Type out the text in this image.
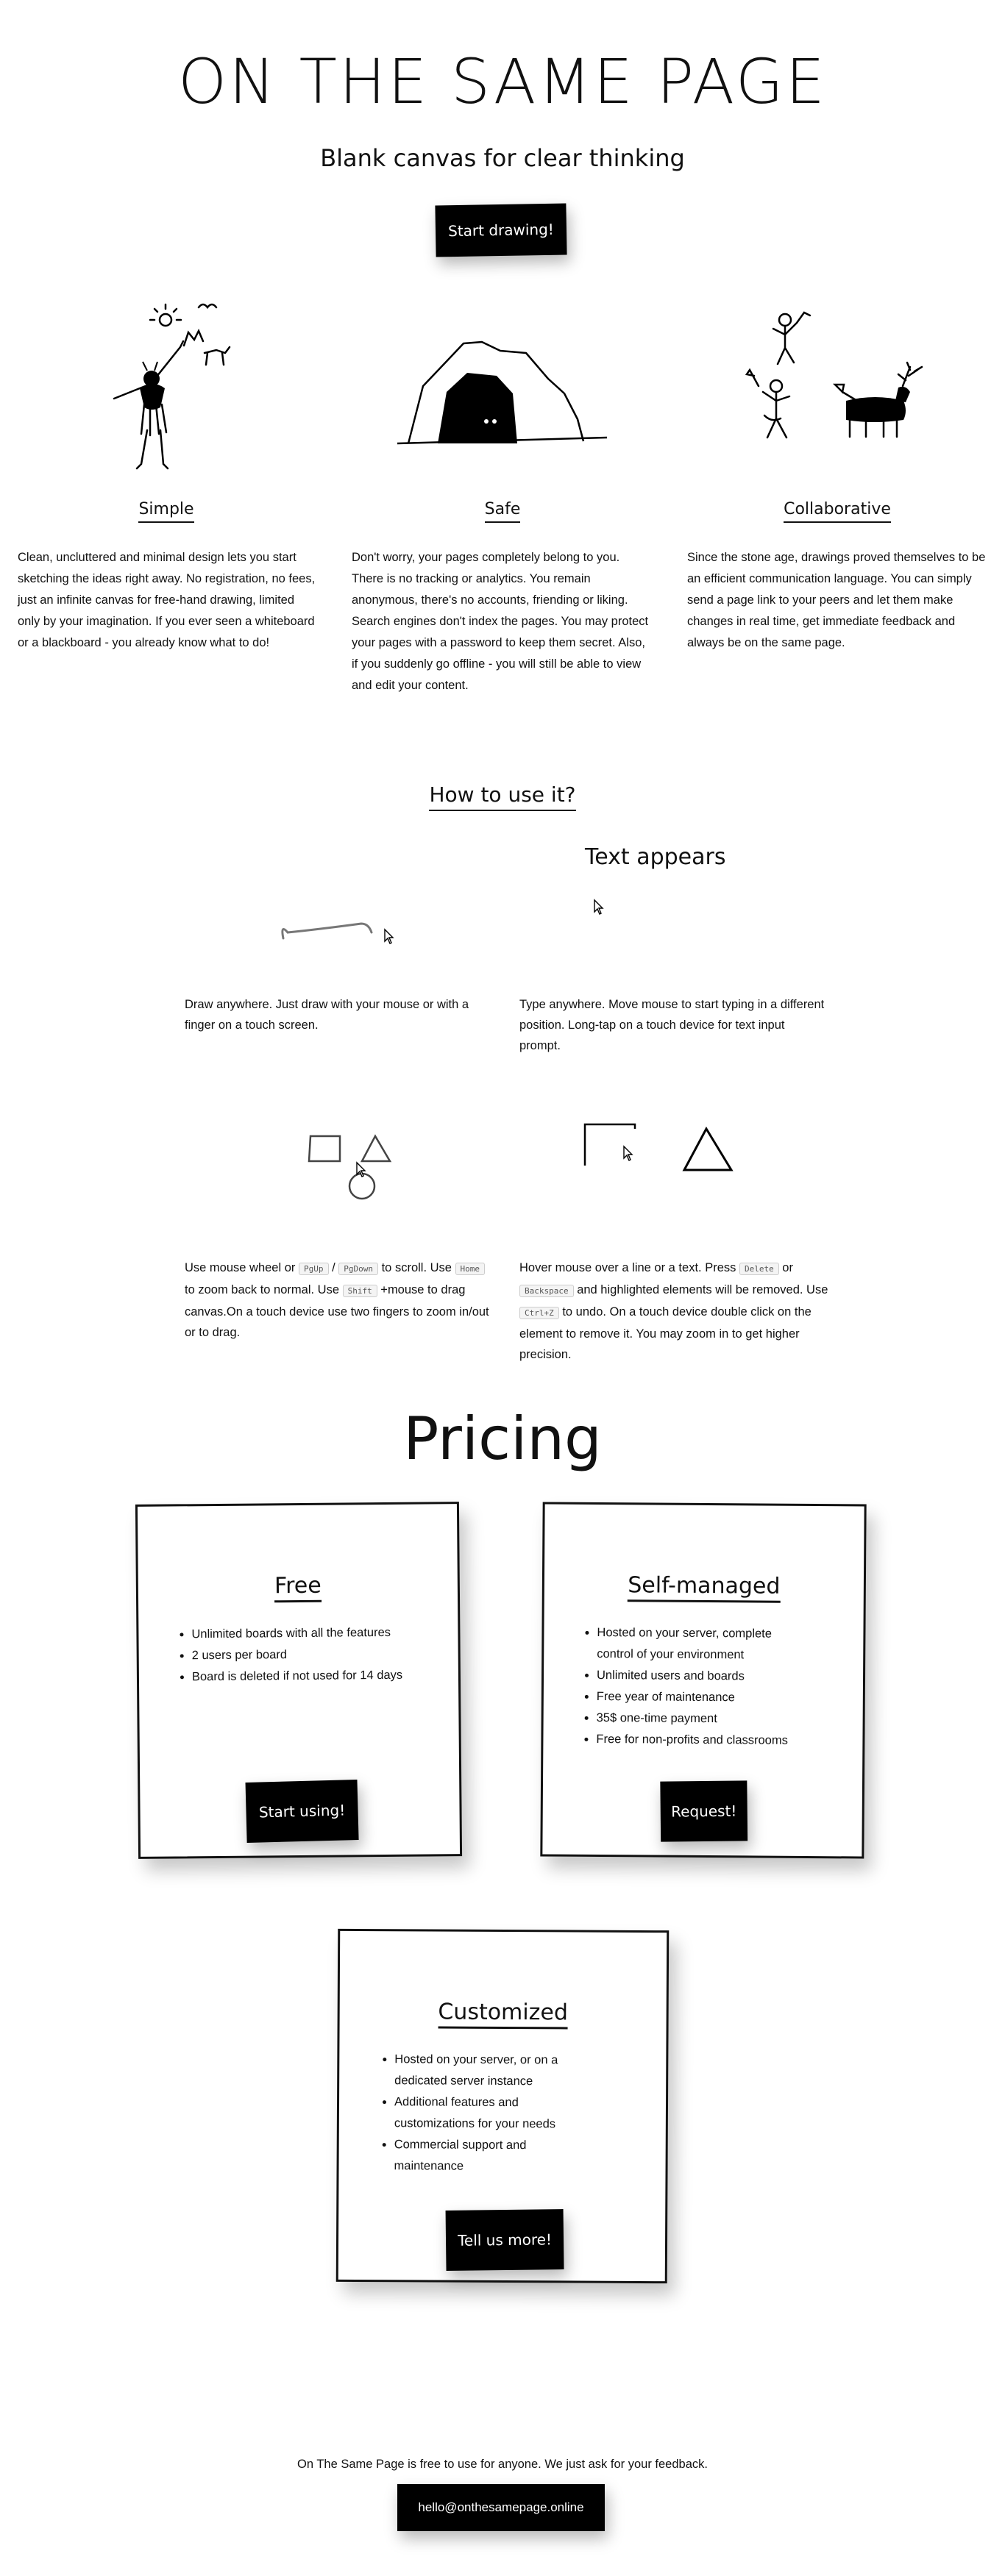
ON THE SAME PAGE
Blank canvas for clear thinking
Start drawing!
Simple
Clean, uncluttered and minimal design lets you start sketching the ideas right away. No registration, no fees, just an infinite canvas for free-hand drawing, limited only by your imagination. If you ever seen a whiteboard or a blackboard - you already know what to do!
Safe
Don't worry, your pages completely belong to you. There is no tracking or analytics. You remain anonymous, there's no accounts, friending or liking. Search engines don't index the pages. You may protect your pages with a password to keep them secret. Also, if you suddenly go offline - you will still be able to view and edit your content.
Collaborative
Since the stone age, drawings proved themselves to be an efficient communication language. You can simply send a page link to your peers and let them make changes in real time, get immediate feedback and always be on the same page.
How to use it?
Text appears
Draw anywhere. Just draw with your mouse or with a finger on a touch screen.
Type anywhere. Move mouse to start typing in a different position. Long-tap on a touch device for text input prompt.
Use mouse wheel or PgUp / PgDown to scroll. Use Home to zoom back to normal. Use Shift +mouse to drag canvas.On a touch device use two fingers to zoom in/out or to drag.
Hover mouse over a line or a text. Press Delete or Backspace and highlighted elements will be removed. Use Ctrl+Z to undo. On a touch device double click on the element to remove it. You may zoom in to get higher precision.
Pricing
Free
• Unlimited boards with all the features
• 2 users per board
• Board is deleted if not used for 14 days
Start using!
Self-managed
• Hosted on your server, complete control of your environment
• Unlimited users and boards
• Free year of maintenance
• 35$ one-time payment
• Free for non-profits and classrooms
Request!
Customized
• Hosted on your server, or on a dedicated server instance
• Additional features and customizations for your needs
• Commercial support and maintenance
Tell us more!
On The Same Page is free to use for anyone. We just ask for your feedback.
hello@onthesamepage.online
